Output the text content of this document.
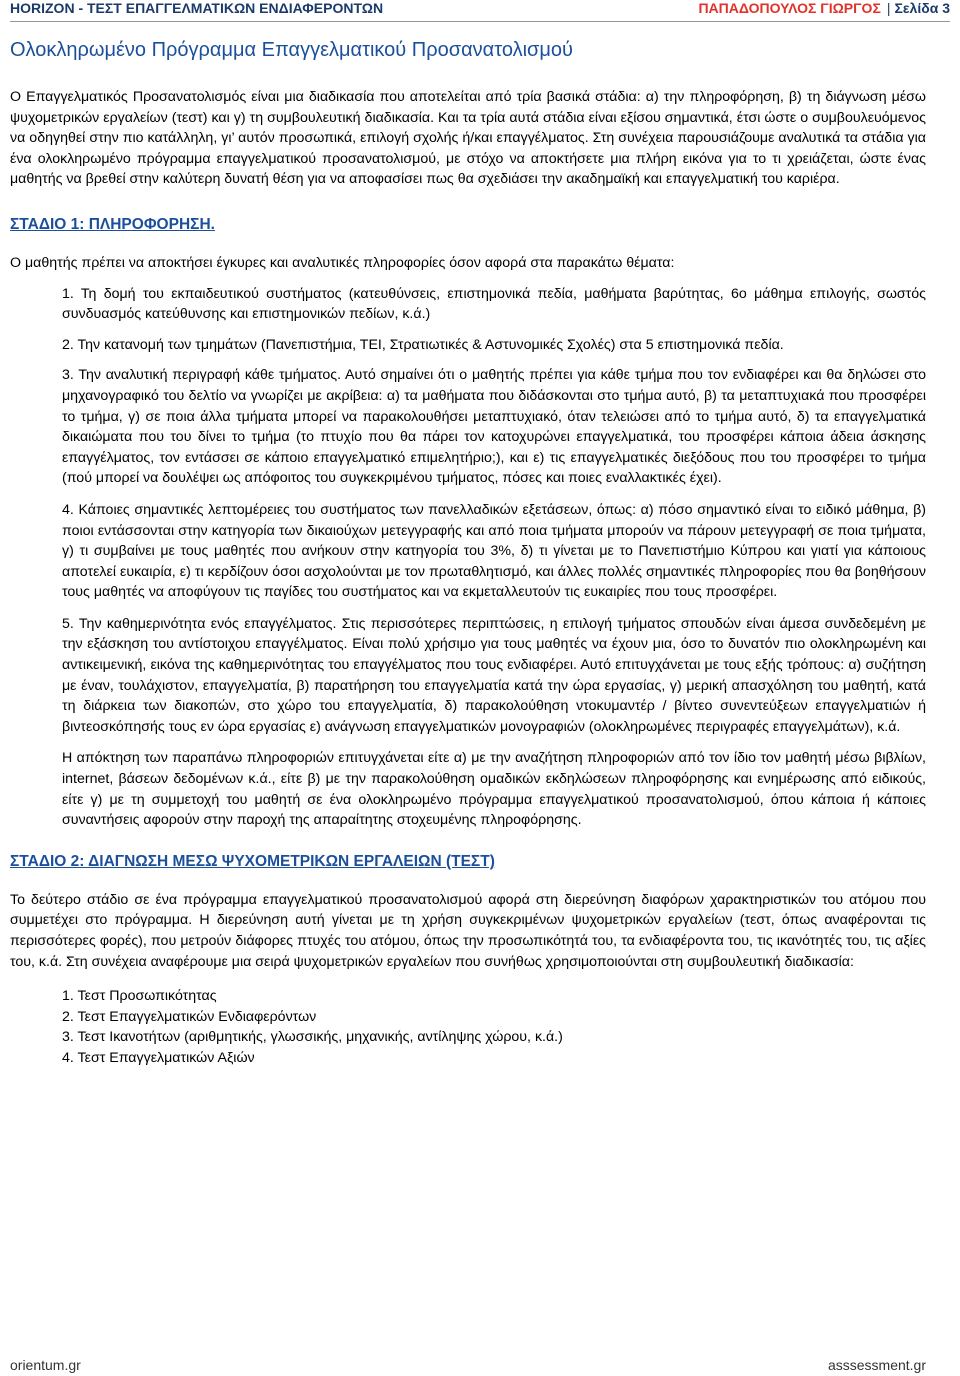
HORIZON - ΤΕΣΤ ΕΠΑΓΓΕΛΜΑΤΙΚΩΝ ΕΝΔΙΑΦΕΡΟΝΤΩΝ	ΠΑΠΑΔΟΠΟΥΛΟΣ ΓΙΩΡΓΟΣ | Σελίδα 3
Ολοκληρωμένο Πρόγραμμα Επαγγελματικού Προσανατολισμού

Ο Επαγγελματικός Προσανατολισμός είναι μια διαδικασία που αποτελείται από τρία βασικά στάδια: α) την πληροφόρηση, β) τη διάγνωση μέσω ψυχομετρικών εργαλείων (τεστ) και γ) τη συμβουλευτική διαδικασία. Και τα τρία αυτά στάδια είναι εξίσου σημαντικά, έτσι ώστε ο συμβουλευόμενος να οδηγηθεί στην πιο κατάλληλη, γι’ αυτόν προσωπικά, επιλογή σχολής ή/και επαγγέλματος. Στη συνέχεια παρουσιάζουμε αναλυτικά τα στάδια για ένα ολοκληρωμένο πρόγραμμα επαγγελματικού προσανατολισμού, με στόχο να αποκτήσετε μια πλήρη εικόνα για το τι χρειάζεται, ώστε ένας μαθητής να βρεθεί στην καλύτερη δυνατή θέση για να αποφασίσει πως θα σχεδιάσει την ακαδημαϊκή και επαγγελματική του καριέρα.

ΣΤΑΔΙΟ 1: ΠΛΗΡΟΦΟΡΗΣΗ.

Ο μαθητής πρέπει να αποκτήσει έγκυρες και αναλυτικές πληροφορίες όσον αφορά στα παρακάτω θέματα:

1. Τη δομή του εκπαιδευτικού συστήματος (κατευθύνσεις, επιστημονικά πεδία, μαθήματα βαρύτητας, 6ο μάθημα επιλογής, σωστός συνδυασμός κατεύθυνσης και επιστημονικών πεδίων, κ.ά.)

2. Την κατανομή των τμημάτων (Πανεπιστήμια, ΤΕΙ, Στρατιωτικές & Αστυνομικές Σχολές) στα 5 επιστημονικά πεδία.

3. Την αναλυτική περιγραφή κάθε τμήματος. Αυτό σημαίνει ότι ο μαθητής πρέπει για κάθε τμήμα που τον ενδιαφέρει και θα δηλώσει στο μηχανογραφικό του δελτίο να γνωρίζει με ακρίβεια: α) τα μαθήματα που διδάσκονται στο τμήμα αυτό, β) τα μεταπτυχιακά που προσφέρει το τμήμα, γ) σε ποια άλλα τμήματα μπορεί να παρακολουθήσει μεταπτυχιακό, όταν τελειώσει από το τμήμα αυτό, δ) τα επαγγελματικά δικαιώματα που του δίνει το τμήμα (το πτυχίο που θα πάρει τον κατοχυρώνει επαγγελματικά, του προσφέρει κάποια άδεια άσκησης επαγγέλματος, τον εντάσσει σε κάποιο επαγγελματικό επιμελητήριο;), και ε) τις επαγγελματικές διεξόδους που του προσφέρει το τμήμα (πού μπορεί να δουλέψει ως απόφοιτος του συγκεκριμένου τμήματος, πόσες και ποιες εναλλακτικές έχει).

4. Κάποιες σημαντικές λεπτομέρειες του συστήματος των πανελλαδικών εξετάσεων, όπως: α) πόσο σημαντικό είναι το ειδικό μάθημα, β) ποιοι εντάσσονται στην κατηγορία των δικαιούχων μετεγγραφής και από ποια τμήματα μπορούν να πάρουν μετεγγραφή σε ποια τμήματα, γ) τι συμβαίνει με τους μαθητές που ανήκουν στην κατηγορία του 3%, δ) τι γίνεται με το Πανεπιστήμιο Κύπρου και γιατί για κάποιους αποτελεί ευκαιρία, ε) τι κερδίζουν όσοι ασχολούνται με τον πρωταθλητισμό, και άλλες πολλές σημαντικές πληροφορίες που θα βοηθήσουν τους μαθητές να αποφύγουν τις παγίδες του συστήματος και να εκμεταλλευτούν τις ευκαιρίες που τους προσφέρει.

5. Την καθημερινότητα ενός επαγγέλματος. Στις περισσότερες περιπτώσεις, η επιλογή τμήματος σπουδών είναι άμεσα συνδεδεμένη με την εξάσκηση του αντίστοιχου επαγγέλματος. Είναι πολύ χρήσιμο για τους μαθητές να έχουν μια, όσο το δυνατόν πιο ολοκληρωμένη και αντικειμενική, εικόνα της καθημερινότητας του επαγγέλματος που τους ενδιαφέρει. Αυτό επιτυγχάνεται με τους εξής τρόπους: α) συζήτηση με έναν, τουλάχιστον, επαγγελματία, β) παρατήρηση του επαγγελματία κατά την ώρα εργασίας, γ) μερική απασχόληση του μαθητή, κατά τη διάρκεια των διακοπών, στο χώρο του επαγγελματία, δ) παρακολούθηση ντοκυμαντέρ / βίντεο συνεντεύξεων επαγγελματιών ή βιντεοσκόπησής τους εν ώρα εργασίας ε) ανάγνωση επαγγελματικών μονογραφιών (ολοκληρωμένες περιγραφές επαγγελμάτων), κ.ά.

Η απόκτηση των παραπάνω πληροφοριών επιτυγχάνεται είτε α) με την αναζήτηση πληροφοριών από τον ίδιο τον μαθητή μέσω βιβλίων, internet, βάσεων δεδομένων κ.ά., είτε β) με την παρακολούθηση ομαδικών εκδηλώσεων πληροφόρησης και ενημέρωσης από ειδικούς, είτε γ) με τη συμμετοχή του μαθητή σε ένα ολοκληρωμένο πρόγραμμα επαγγελματικού προσανατολισμού, όπου κάποια ή κάποιες συναντήσεις αφορούν στην παροχή της απαραίτητης στοχευμένης πληροφόρησης.

ΣΤΑΔΙΟ 2: ΔΙΑΓΝΩΣΗ ΜΕΣΩ ΨΥΧΟΜΕΤΡΙΚΩΝ ΕΡΓΑΛΕΙΩΝ (ΤΕΣΤ)

Το δεύτερο στάδιο σε ένα πρόγραμμα επαγγελματικού προσανατολισμού αφορά στη διερεύνηση διαφόρων χαρακτηριστικών του ατόμου που συμμετέχει στο πρόγραμμα. Η διερεύνηση αυτή γίνεται με τη χρήση συγκεκριμένων ψυχομετρικών εργαλείων (τεστ, όπως αναφέρονται τις περισσότερες φορές), που μετρούν διάφορες πτυχές του ατόμου, όπως την προσωπικότητά του, τα ενδιαφέροντα του, τις ικανότητές του, τις αξίες του, κ.ά. Στη συνέχεια αναφέρουμε μια σειρά ψυχομετρικών εργαλείων που συνήθως χρησιμοποιούνται στη συμβουλευτική διαδικασία:

1. Τεστ Προσωπικότητας
2. Τεστ Επαγγελματικών Ενδιαφερόντων
3. Τεστ Ικανοτήτων (αριθμητικής, γλωσσικής, μηχανικής, αντίληψης χώρου, κ.ά.)
4. Τεστ Επαγγελματικών Αξιών
orientum.gr	asssessment.gr
